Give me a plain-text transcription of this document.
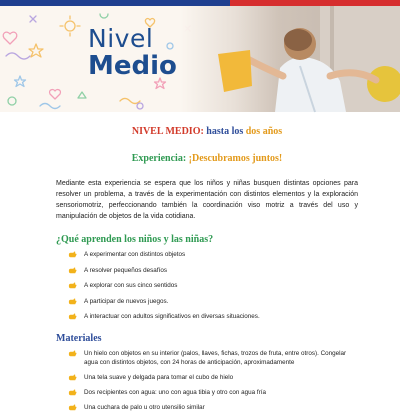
Nivel
Medio
NIVEL MEDIO: hasta los dos años
Experiencia: ¡Descubramos juntos!

Mediante esta experiencia se espera que los niños y niñas busquen distintas opciones para resolver un problema, a través de la experimentación con distintos elementos y la exploración sensoriomotriz, perfeccionando también la coordinación viso motriz a través del uso y manipulación de objetos de la vida cotidiana.

¿Qué aprenden los niños y las niñas?
A experimentar con distintos objetos
A resolver pequeños desafíos
A explorar con sus cinco sentidos
A participar de nuevos juegos.
A interactuar con adultos significativos en diversas situaciones.
Materiales
Un hielo con objetos en su interior (palos, llaves, fichas, trozos de fruta, entre otros). Congelar agua con distintos objetos, con 24 horas de anticipación, aproximadamente
Una tela suave y delgada para tomar el cubo de hielo
Dos recipientes con agua: uno con agua tibia y otro con agua fría
Una cuchara de palo u otro utensilio similar
